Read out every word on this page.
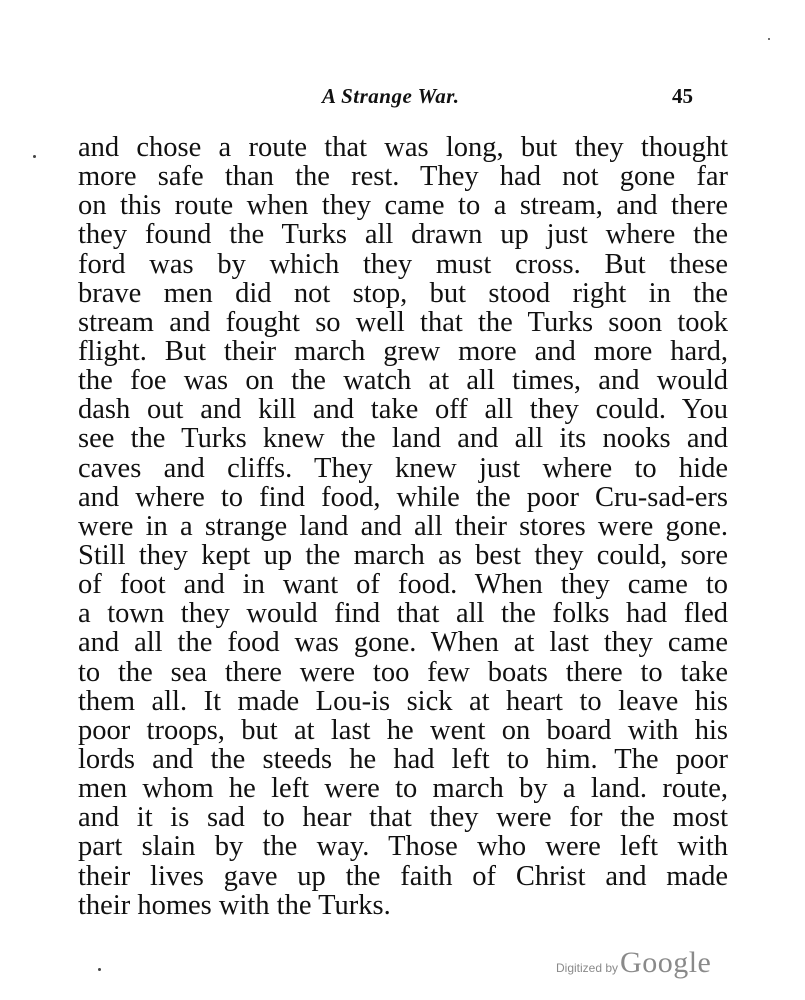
A Strange War.	45
and chose a route that was long, but they thought
more safe than the rest. They had not gone far
on this route when they came to a stream, and there
they found the Turks all drawn up just where the
ford was by which they must cross. But these
brave men did not stop, but stood right in the
stream and fought so well that the Turks soon took
flight. But their march grew more and more hard,
the foe was on the watch at all times, and would
dash out and kill and take off all they could. You
see the Turks knew the land and all its nooks and
caves and cliffs. They knew just where to hide
and where to find food, while the poor Cru-sad-ers
were in a strange land and all their stores were gone.
Still they kept up the march as best they could, sore
of foot and in want of food. When they came to
a town they would find that all the folks had fled
and all the food was gone. When at last they came
to the sea there were too few boats there to take
them all. It made Lou-is sick at heart to leave his
poor troops, but at last he went on board with his
lords and the steeds he had left to him. The poor
men whom he left were to march by a land. route,
and it is sad to hear that they were for the most
part slain by the way. Those who were left with
their lives gave up the faith of Christ and made
their homes with the Turks.
Digitized by Google
